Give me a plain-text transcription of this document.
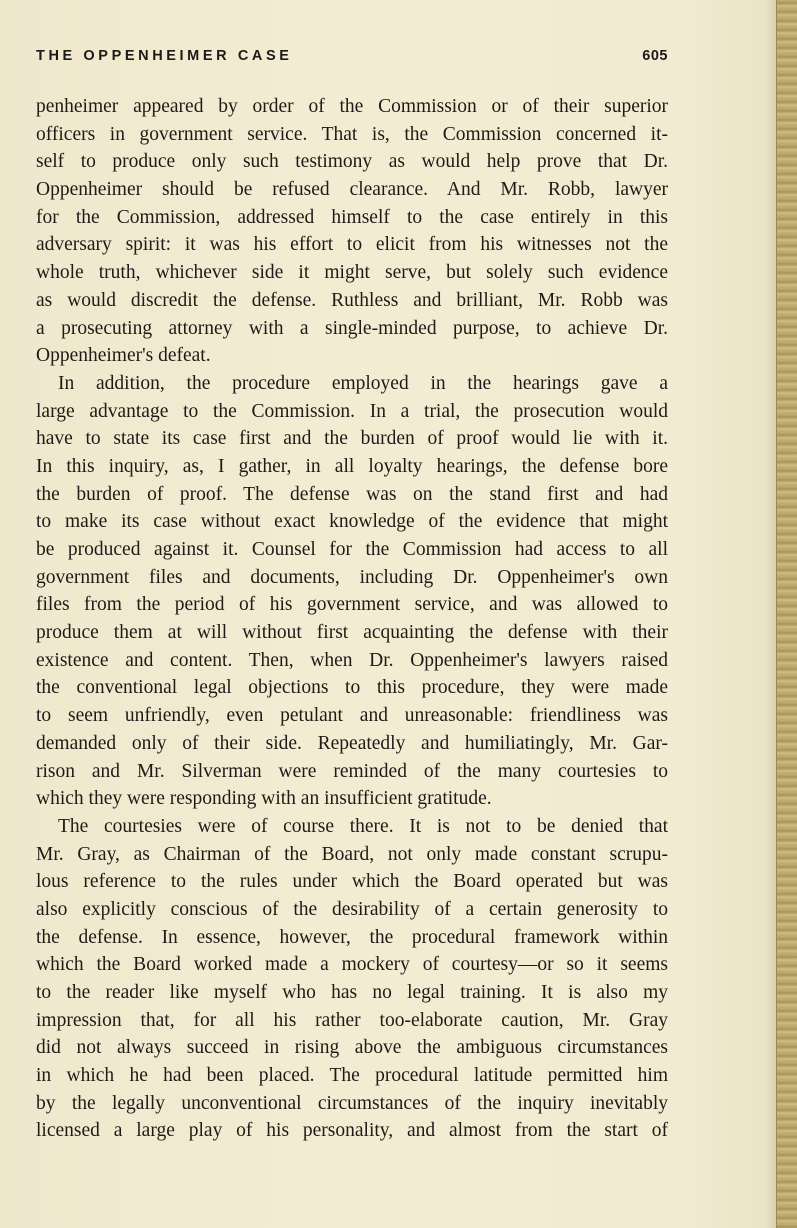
THE OPPENHEIMER CASE	605
penheimer appeared by order of the Commission or of their superior
officers in government service. That is, the Commission concerned it-
self to produce only such testimony as would help prove that Dr.
Oppenheimer should be refused clearance. And Mr. Robb, lawyer
for the Commission, addressed himself to the case entirely in this
adversary spirit: it was his effort to elicit from his witnesses not the
whole truth, whichever side it might serve, but solely such evidence
as would discredit the defense. Ruthless and brilliant, Mr. Robb was
a prosecuting attorney with a single-minded purpose, to achieve Dr.
Oppenheimer's defeat.
In addition, the procedure employed in the hearings gave a
large advantage to the Commission. In a trial, the prosecution would
have to state its case first and the burden of proof would lie with it.
In this inquiry, as, I gather, in all loyalty hearings, the defense bore
the burden of proof. The defense was on the stand first and had
to make its case without exact knowledge of the evidence that might
be produced against it. Counsel for the Commission had access to all
government files and documents, including Dr. Oppenheimer's own
files from the period of his government service, and was allowed to
produce them at will without first acquainting the defense with their
existence and content. Then, when Dr. Oppenheimer's lawyers raised
the conventional legal objections to this procedure, they were made
to seem unfriendly, even petulant and unreasonable: friendliness was
demanded only of their side. Repeatedly and humiliatingly, Mr. Gar-
rison and Mr. Silverman were reminded of the many courtesies to
which they were responding with an insufficient gratitude.
The courtesies were of course there. It is not to be denied that
Mr. Gray, as Chairman of the Board, not only made constant scrupu-
lous reference to the rules under which the Board operated but was
also explicitly conscious of the desirability of a certain generosity to
the defense. In essence, however, the procedural framework within
which the Board worked made a mockery of courtesy—or so it seems
to the reader like myself who has no legal training. It is also my
impression that, for all his rather too-elaborate caution, Mr. Gray
did not always succeed in rising above the ambiguous circumstances
in which he had been placed. The procedural latitude permitted him
by the legally unconventional circumstances of the inquiry inevitably
licensed a large play of his personality, and almost from the start of
